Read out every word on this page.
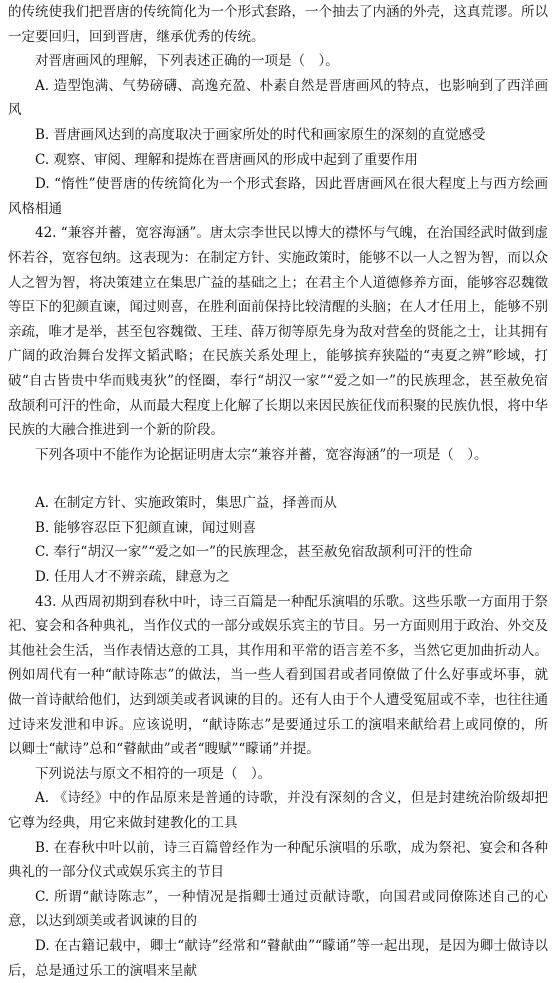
的传统使我们把晋唐的传统简化为一个形式套路，一个抽去了内涵的外壳，这真荒谬。所以一定要回归，回到晋唐，继承优秀的传统。

对晋唐画风的理解，下列表述正确的一项是（　）。

A. 造型饱满、气势磅礴、高逸充盈、朴素自然是晋唐画风的特点，也影响到了西洋画风

B. 晋唐画风达到的高度取决于画家所处的时代和画家原生的深刻的直觉感受

C. 观察、审阅、理解和提炼在晋唐画风的形成中起到了重要作用

D. “惰性”使晋唐的传统简化为一个形式套路，因此晋唐画风在很大程度上与西方绘画风格相通

42. “兼容并蓄，宽容海涵”。唐太宗李世民以博大的襟怀与气魄，在治国经武时做到虚怀若谷，宽容包纳。这表现为：在制定方针、实施政策时，能够不以一人之智为智，而以众人之智为智，将决策建立在集思广益的基础之上；在君主个人道德修养方面，能够容忍魏徵等臣下的犯颜直谏，闻过则喜，在胜利面前保持比较清醒的头脑；在人才任用上，能够不别亲疏，唯才是举，甚至包容魏徵、王珪、薛万彻等原先身为敌对营垒的贤能之士，让其拥有广阔的政治舞台发挥文韬武略；在民族关系处理上，能够摈弃狭隘的“夷夏之辨”畛域，打破“自古皆贵中华而贱夷狄”的怪圈，奉行“胡汉一家”“爱之如一”的民族理念，甚至赦免宿敌颉利可汗的性命，从而最大程度上化解了长期以来因民族征伐而积聚的民族仇恨，将中华民族的大融合推进到一个新的阶段。

下列各项中不能作为论据证明唐太宗“兼容并蓄，宽容海涵”的一项是（　）。

A. 在制定方针、实施政策时，集思广益，择善而从

B. 能够容忍臣下犯颜直谏，闻过则喜

C. 奉行“胡汉一家”“爱之如一”的民族理念，甚至赦免宿敌颉利可汗的性命

D. 任用人才不辨亲疏，肆意为之

43. 从西周初期到春秋中叶，诗三百篇是一种配乐演唱的乐歌。这些乐歌一方面用于祭祀、宴会和各种典礼，当作仪式的一部分或娱乐宾主的节目。另一方面则用于政治、外交及其他社会生活，当作表情达意的工具，其作用和平常的语言差不多，当然它更加曲折动人。例如周代有一种“献诗陈志”的做法，当一些人看到国君或者同僚做了什么好事或坏事，就做一首诗献给他们，达到颂美或者讽谏的目的。还有人由于个人遭受冤屈或不幸，也往往通过诗来发泄和申诉。应该说明，“献诗陈志”是要通过乐工的演唱来献给君上或同僚的，所以卿士“献诗”总和“瞽献曲”或者“瞍赋”“矇诵”并提。

下列说法与原文不相符的一项是（　）。

A. 《诗经》中的作品原来是普通的诗歌，并没有深刻的含义，但是封建统治阶级却把它尊为经典，用它来做封建教化的工具

B. 在春秋中叶以前，诗三百篇曾经作为一种配乐演唱的乐歌，成为祭祀、宴会和各种典礼的一部分仪式或娱乐宾主的节目

C. 所谓“献诗陈志”，一种情况是指卿士通过贡献诗歌，向国君或同僚陈述自己的心意，以达到颂美或者讽谏的目的

D. 在古籍记载中，卿士“献诗”经常和“瞽献曲”“矇诵”等一起出现，是因为卿士做诗以后，总是通过乐工的演唱来呈献
